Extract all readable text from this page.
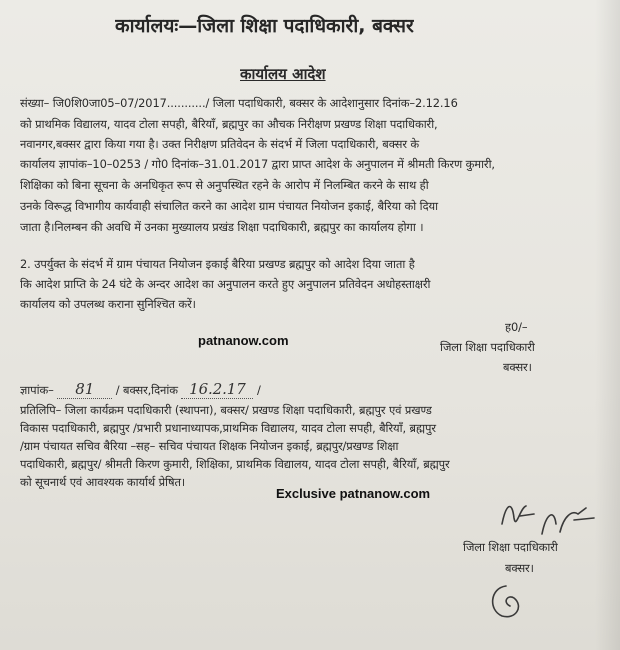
कार्यालयः—जिला शिक्षा पदाधिकारी, बक्सर
कार्यालय आदेश
संख्या– जि0शि0जा05–07/2017.........../ जिला पदाधिकारी, बक्सर के आदेशानुसार दिनांक–2.12.16
को प्राथमिक विद्यालय, यादव टोला सपही, बैरियाँ, ब्रह्मपुर का औचक निरीक्षण प्रखण्ड शिक्षा पदाधिकारी,
नवानगर,बक्सर द्वारा किया गया है। उक्त निरीक्षण प्रतिवेदन के संदर्भ में जिला पदाधिकारी, बक्सर के
कार्यालय ज्ञापांक–10–0253 / गो0 दिनांक–31.01.2017 द्वारा प्राप्त आदेश के अनुपालन में श्रीमती किरण कुमारी,
शिक्षिका को बिना सूचना के अनधिकृत रूप से अनुपस्थित रहने के आरोप में निलम्बित करने के साथ ही
उनके विरूद्ध विभागीय कार्यवाही संचालित करने का आदेश ग्राम पंचायत नियोजन इकाई, बैरिया को दिया
जाता है।निलम्बन की अवधि में उनका मुख्यालय प्रखंड शिक्षा पदाधिकारी, ब्रह्मपुर का कार्यालय होगा ।
2. उपर्युक्त के संदर्भ में ग्राम पंचायत नियोजन इकाई बैरिया प्रखण्ड ब्रह्मपुर को आदेश दिया जाता है
कि आदेश प्राप्ति के 24 घंटे के अन्दर आदेश का अनुपालन करते हुए अनुपालन प्रतिवेदन अधोहस्ताक्षरी
कार्यालय को उपलब्ध कराना सुनिश्चित करें।
patnanow.com
ह0/–
जिला शिक्षा पदाधिकारी
बक्सर।
ज्ञापांक– 81 / बक्सर,दिनांक 16.2.17 /
प्रतिलिपि– जिला कार्यक्रम पदाधिकारी (स्थापना), बक्सर/ प्रखण्ड शिक्षा पदाधिकारी, ब्रह्मपुर एवं प्रखण्ड
विकास पदाधिकारी, ब्रह्मपुर /प्रभारी प्रधानाध्यापक,प्राथमिक विद्यालय, यादव टोला सपही, बैरियाँ, ब्रह्मपुर
/ग्राम पंचायत सचिव बैरिया –सह– सचिव पंचायत शिक्षक नियोजन इकाई, ब्रह्मपुर/प्रखण्ड शिक्षा
पदाधिकारी, ब्रह्मपुर/ श्रीमती किरण कुमारी, शिक्षिका, प्राथमिक विद्यालय, यादव टोला सपही, बैरियाँ, ब्रह्मपुर
को सूचनार्थ एवं आवश्यक कार्यार्थ प्रेषित।
Exclusive patnanow.com
जिला शिक्षा पदाधिकारी
बक्सर।
